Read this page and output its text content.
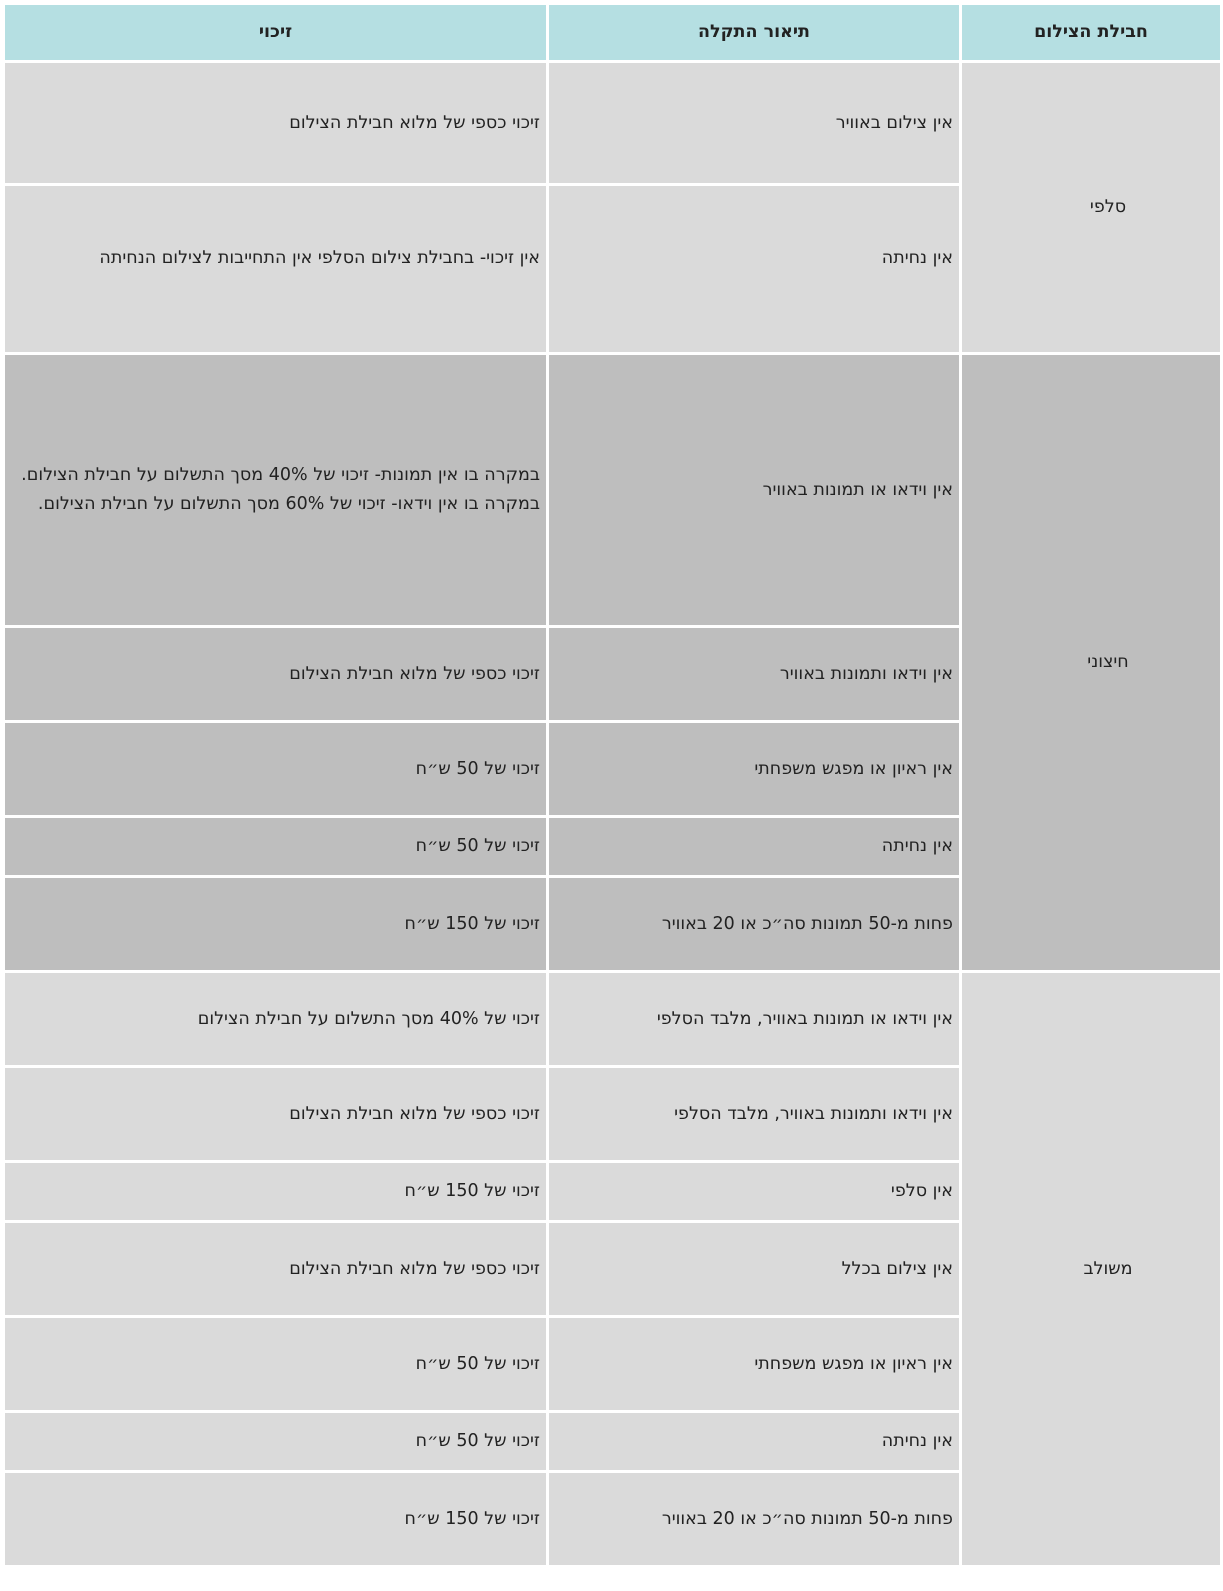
חבילת הצילום	תיאור התקלה	זיכוי
סלפי	אין צילום באוויר	זיכוי כספי של מלוא חבילת הצילום
	אין נחיתה	אין זיכוי- בחבילת צילום הסלפי אין התחייבות לצילום הנחיתה
חיצוני	אין וידאו או תמונות באוויר	במקרה בו אין תמונות- זיכוי של 40% מסך התשלום על חבילת הצילום.
במקרה בו אין וידאו- זיכוי של 60% מסך התשלום על חבילת הצילום.

	אין וידאו ותמונות באוויר	זיכוי כספי של מלוא חבילת הצילום
	אין ראיון או מפגש משפחתי	זיכוי של 50 ש״ח
	אין נחיתה	זיכוי של 50 ש״ח
	פחות מ-50 תמונות סה״כ או 20 באוויר	זיכוי של 150 ש״ח
משולב	אין וידאו או תמונות באוויר, מלבד הסלפי	זיכוי של 40% מסך התשלום על חבילת הצילום
	אין וידאו ותמונות באוויר, מלבד הסלפי	זיכוי כספי של מלוא חבילת הצילום
	אין סלפי	זיכוי של 150 ש״ח
	אין צילום בכלל	זיכוי כספי של מלוא חבילת הצילום
	אין ראיון או מפגש משפחתי	זיכוי של 50 ש״ח
	אין נחיתה	זיכוי של 50 ש״ח
	פחות מ-50 תמונות סה״כ או 20 באוויר	זיכוי של 150 ש״ח
